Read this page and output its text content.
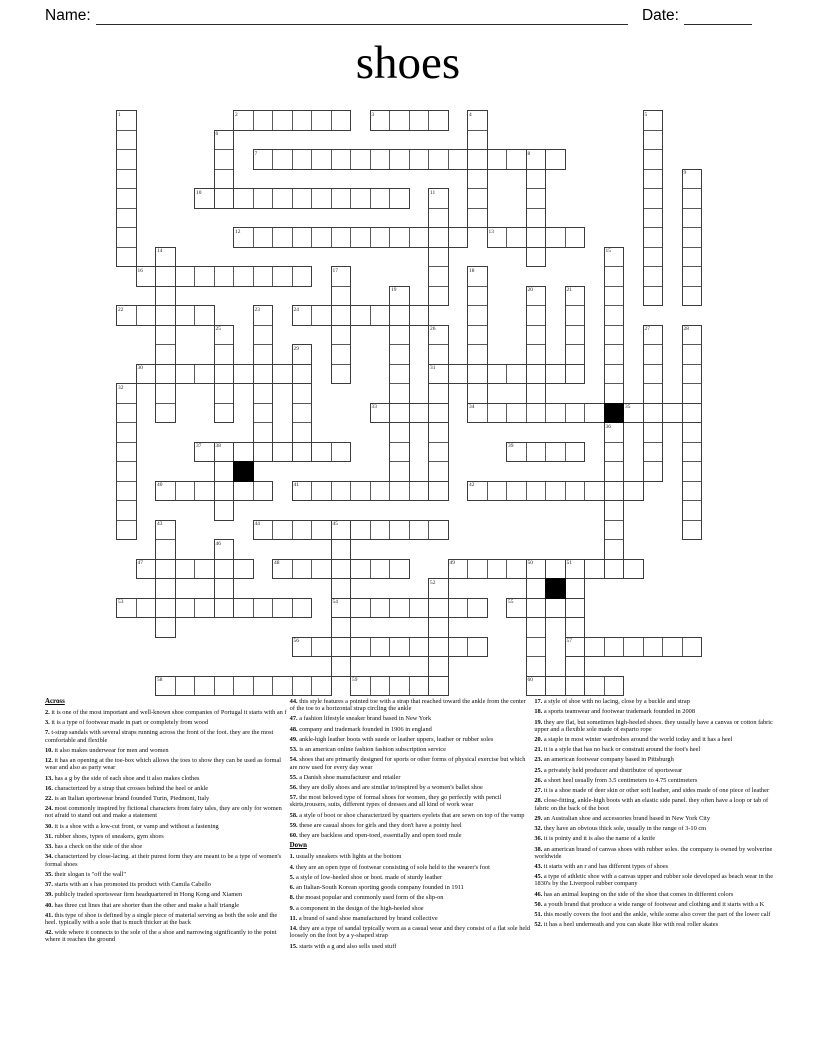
Name:	Date:
shoes
2	3
7
10
12	13
16
22	24
30	31
33	34	35
37	39
40	41	42
44
47	48	49
53	54	55
56	57
58	59	60
1	4	5
6
8
9
11
14	15
17	18
19	20	21
23
25	26	27	28
29
32
36
38
43	45
46
50	51
52
Across
2. it is one of the most important and well-known shoe companies of Portugal it starts with an f
3. it is a type of footwear made in part or completely from wood
7. t-strap sandals with several straps running across the front of the foot. they are the most comfortable and flexible
10. it also makes underwear for men and women
12. it has an opening at the toe-box which allows the toes to show they can be used as formal wear and also as party wear
13. has a g by the side of each shoe and it also makes clothes
16. characterized by a strap that crosses behind the heel or ankle
22. is an Italian sportswear brand founded Turin, Piedmont, Italy
24. most commonly inspired by fictional characters from fairy tales, they are only for women not afraid to stand out and make a statement
30. it is a shoe with a low-cut front, or vamp and without a fastening
31. rubber shoes, types of sneakers, gym shoes
33. has a check on the side of the shoe
34. characterized by close-lacing. at their purest form they are meant to be a type of women's formal shoes
35. their slogan is "off the wall"
37. starts with an s has promoted its product with Camila Cabello
39. publicly traded sportswear firm headquartered in Hong Kong and Xiamen
40. has three cut lines that are shorter than the other and make a half triangle
41. this type of shoe is defined by a single piece of material serving as both the sole and the heel. typically with a sole that is much thicker at the back
42. wide where it connects to the sole of the a shoe and narrowing significantly to the point where it reaches the ground
44. this style features a pointed toe with a strap that reached toward the ankle from the center of the toe to a horizontal strap circling the ankle
47. a fashion lifestyle sneaker brand based in New York
48. company and trademark founded in 1906 in england
49. ankle-high leather boots with suede or leather uppers, leather or rubber soles
53. is an american online fashion fashion subscription service
54. shoes that are primarily designed for sports or other forms of physical exercise but which are now used for every day wear
55. a Danish shoe manufacturer and retailer
56. they are dolly shoes and are similar to/inspired by a women's ballet shoe
57. the most beloved type of formal shoes for women, they go perfectly with pencil skirts,trousers, suits, different types of dresses and all kind of work wear
58. a style of boot or shoe characterized by quarters eyelets that are sewn on top of the vamp
59. these are casual shoes for girls and they don't have a pointy heel
60. they are backless and open-toed, essentially and open toed mule
Down
1. usually sneakers with lights at the bottom
4. they are an open type of footwear consisting of sole held to the wearer's foot
5. a style of low-heeled shoe or boot. made of sturdy leather
6. an Italian-South Korean sporting goods company founded in 1911
8. the moast popular and commonly used form of the slip-on
9. a component in the design of the high-heeled shoe
11. a brand of sand shoe manufactured by brand collective
14. they are a type of sandal typically worn as a casual wear and they consist of a flat sole held loosely on the foot by a y-shaped strap
15. starts with a g and also sells used stuff
17. a style of shoe with no lacing, close by a buckle and strap
18. a sports teamwear and footwear trademark founded in 2008
19. they are flat, but sometimes high-heeled shoes. they usually have a canvas or cotton fabric upper and a flexible sole made of esparto rope
20. a staple in most winter wardrobes around the world today and it has a heel
21. it is a style that has no back or constrait around the foot's heel
23. an american footwear company based in Pittsburgh
25. a privately held producer and distributor of sportswear
26. a short heel usually from 3.5 centimeters to 4.75 centimeters
27. it is a shoe made of deer skin or other soft leather, and sides made of one piece of leather
28. close-fitting, ankle-high boots with an elastic side panel. they often have a loop or tab of fabric on the back of the boot
29. an Australian shoe and accessories brand based in New York City
32. they have an obvious thick sole, usually in the range of 3-10 cm
36. it is pointy and it is also the name of a knife
38. an american brand of canvas shoes with rubber soles. the company is owned by wolverine worldwide
43. it starts with an r and has different types of shoes
45. a type of athletic shoe with a canvas upper and rubber sole developed as beach wear in the 1830's by the Liverpool rubber company
46. has an animal leaping on the side of the shoe that comes in different colors
50. a youth brand that produce a wide range of footwear and clothing and it starts with a K
51. this mostly covers the foot and the ankle, while some also cover the part of the lower calf
52. it has a heel underneath and you can skate like with real roller skates
